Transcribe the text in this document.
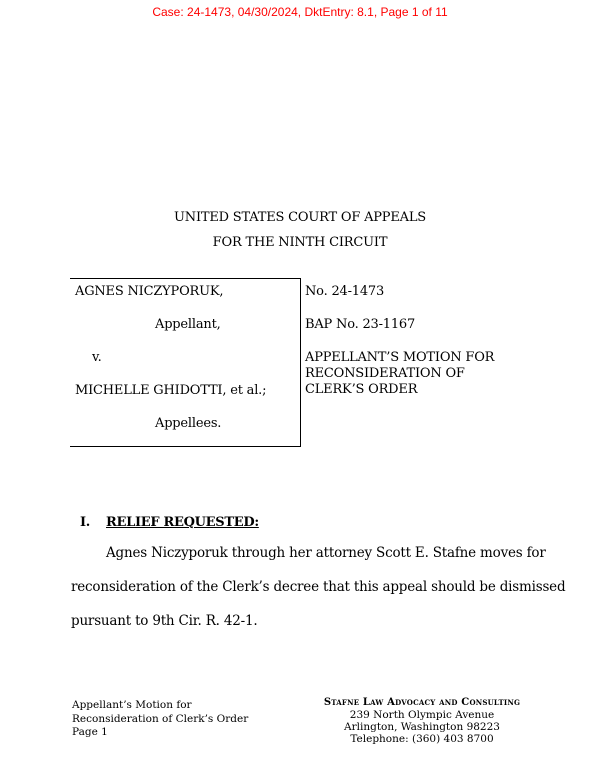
Case: 24-1473, 04/30/2024, DktEntry: 8.1, Page 1 of 11
UNITED STATES COURT OF APPEALS
FOR THE NINTH CIRCUIT
AGNES NICZYPORUK,
Appellant,
v.
MICHELLE GHIDOTTI, et al.;
Appellees.
No. 24-1473
BAP No. 23-1167
APPELLANT’S MOTION FOR RECONSIDERATION OF CLERK’S ORDER
I. RELIEF REQUESTED:
Agnes Niczyporuk through her attorney Scott E. Stafne moves for
reconsideration of the Clerk’s decree that this appeal should be dismissed
pursuant to 9th Cir. R. 42-1.
Appellant’s Motion for
Reconsideration of Clerk’s Order
Page 1
Stafne Law Advocacy and Consulting
239 North Olympic Avenue
Arlington, Washington 98223
Telephone: (360) 403 8700
